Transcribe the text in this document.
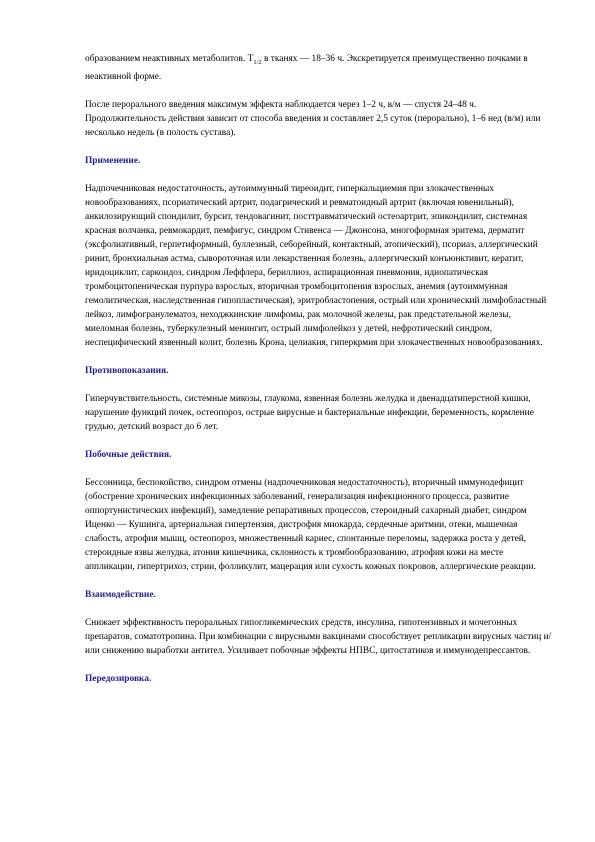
образованием неактивных метаболитов. $T_{1/2}$ в тканях — 18–36 ч. Экскретируется преимущественно почками в неактивной форме.

После перорального введения максимум эффекта наблюдается через 1–2 ч, в/м — спустя 24–48 ч. Продолжительность действия зависит от способа введения и составляет 2,5 суток (перорально), 1–6 нед (в/м) или несколько недель (в полость сустава).

Применение.

Надпочечниковая недостаточность, аутоиммунный тиреоидит, гиперкальциемия при злокачественных новообразованиях, псориатический артрит, подагрический и ревматоидный артрит (включая ювенильный), анкилозирующий спондилит, бурсит, тендовагинит, посттравматический остеоартрит, эпикондилит, системная красная волчанка, ревмокардит, пемфигус, синдром Стивенса — Джонсона, многоформная эритема, дерматит (эксфолиативный, герпетиформный, буллезный, себорейный, контактный, атопический), псориаз, аллергический ринит, бронхиальная астма, сывороточная или лекарственная болезнь, аллергический конъюнктивит, кератит, иридоциклит, саркоидоз, синдром Леффлера, бериллиоз, аспирационная пневмония, идиопатическая тромбоцитопеническая пурпура взрослых, вторичная тромбоцитопения взрослых, анемия (аутоиммунная гемолитическая, наследственная гипопластическая), эритробластопения, острый или хронический лимфобластный лейкоз, лимфогранулематоз, неходжкинские лимфомы, рак молочной железы, рак предстательной железы, миеломная болезнь, туберкулезный менингит, острый лимфолейкоз у детей, нефротический синдром, неспецифический язвенный колит, болезнь Крона, целиакия, гиперкрмия при злокачественных новообразованиях.

Противопоказания.

Гиперчувствительность, системные микозы, глаукома, язвенная болезнь желудка и двенадцатиперстной кишки, нарушение функций почек, остеопороз, острые вирусные и бактериальные инфекции, беременность, кормление грудью, детский возраст до 6 лет.

Побочные действия.

Бессонница, беспокойство, синдром отмены (надпочечниковая недостаточность), вторичный иммунодефицит (обострение хронических инфекционных заболеваний, генерализация инфекционного процесса, развитие оппортунистических инфекций), замедление репаративных процессов, стероидный сахарный диабет, синдром Иценко — Кушинга, артериальная гипертензия, дистрофия миокарда, сердечные аритмии, отеки, мышечная слабость, атрофия мышц, остеопороз, множественный кариес, спонтанные переломы, задержка роста у детей, стероидные язвы желудка, атония кишечника, склонность к тромбообразованию, атрофия кожи на месте аппликации, гипертрихоз, стрии, фолликулит, мацерация или сухость кожных покровов, аллергические реакции.

Взаимодействие.

Снижает эффективность пероральных гипогликемических средств, инсулина, гипотензивных и мочегонных препаратов, соматотропина. При комбинации с вирусными вакцинами способствует репликации вирусных частиц и/или снижению выработки антител. Усиливает побочные эффекты НПВС, цитостатиков и иммунодепрессантов.

Передозировка.
